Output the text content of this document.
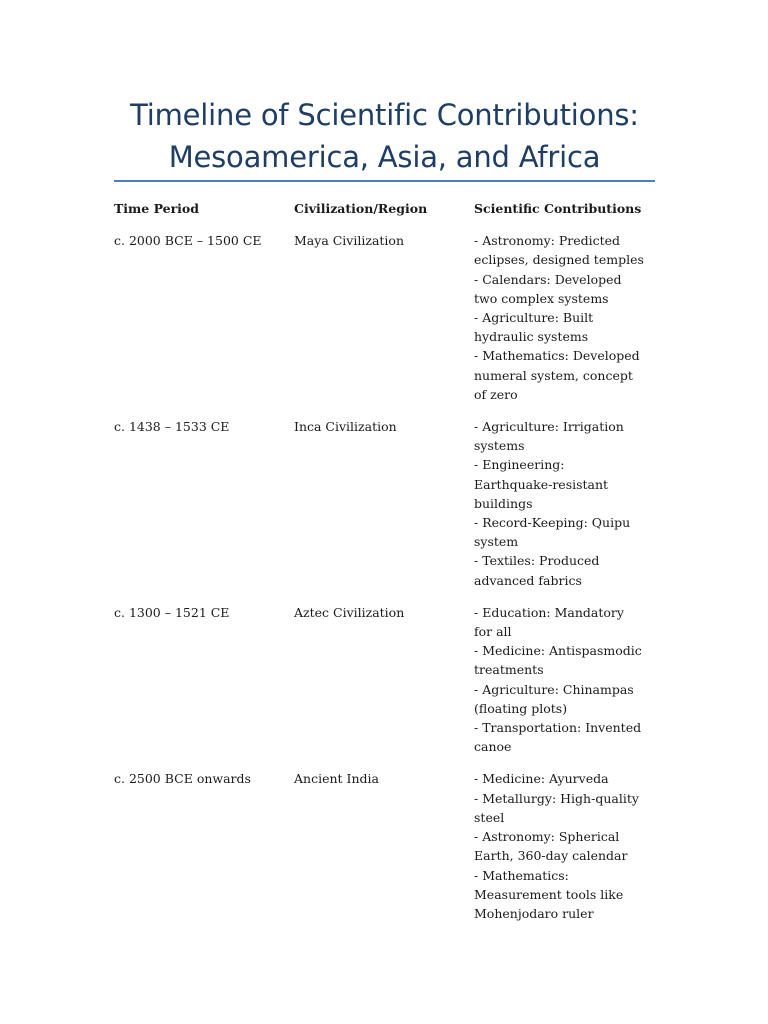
Timeline of Scientific Contributions:
Mesoamerica, Asia, and Africa
Time Period	Civilization/Region	Scientific Contributions
c. 2000 BCE – 1500 CE	Maya Civilization	- Astronomy: Predicted eclipses, designed temples
- Calendars: Developed two complex systems
- Agriculture: Built hydraulic systems
- Mathematics: Developed numeral system, concept of zero
c. 1438 – 1533 CE	Inca Civilization	- Agriculture: Irrigation systems
- Engineering: Earthquake-resistant buildings
- Record-Keeping: Quipu system
- Textiles: Produced advanced fabrics
c. 1300 – 1521 CE	Aztec Civilization	- Education: Mandatory for all
- Medicine: Antispasmodic treatments
- Agriculture: Chinampas (floating plots)
- Transportation: Invented canoe
c. 2500 BCE onwards	Ancient India	- Medicine: Ayurveda
- Metallurgy: High-quality steel
- Astronomy: Spherical Earth, 360-day calendar
- Mathematics: Measurement tools like Mohenjodaro ruler
